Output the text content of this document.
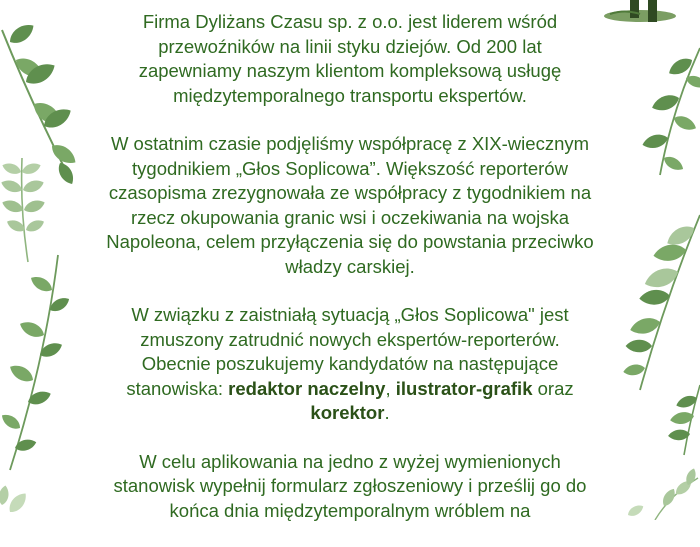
Firma Dyliżans Czasu sp. z o.o. jest liderem wśród przewoźników na linii styku dziejów. Od 200 lat zapewniamy naszym klientom kompleksową usługę międzytemporalnego transportu ekspertów.

W ostatnim czasie podjęliśmy współpracę z XIX-wiecznym tygodnikiem „Głos Soplicowa”. Większość reporterów czasopisma zrezygnowała ze współpracy z tygodnikiem na rzecz okupowania granic wsi i oczekiwania na wojska Napoleona, celem przyłączenia się do powstania przeciwko władzy carskiej.

W związku z zaistniałą sytuacją „Głos Soplicowa" jest zmuszony zatrudnić nowych ekspertów-reporterów. Obecnie poszukujemy kandydatów na następujące stanowiska: redaktor naczelny, ilustrator-grafik oraz korektor.

W celu aplikowania na jedno z wyżej wymienionych stanowisk wypełnij formularz zgłoszeniowy i prześlij go do końca dnia międzytemporalnym wróblem na
